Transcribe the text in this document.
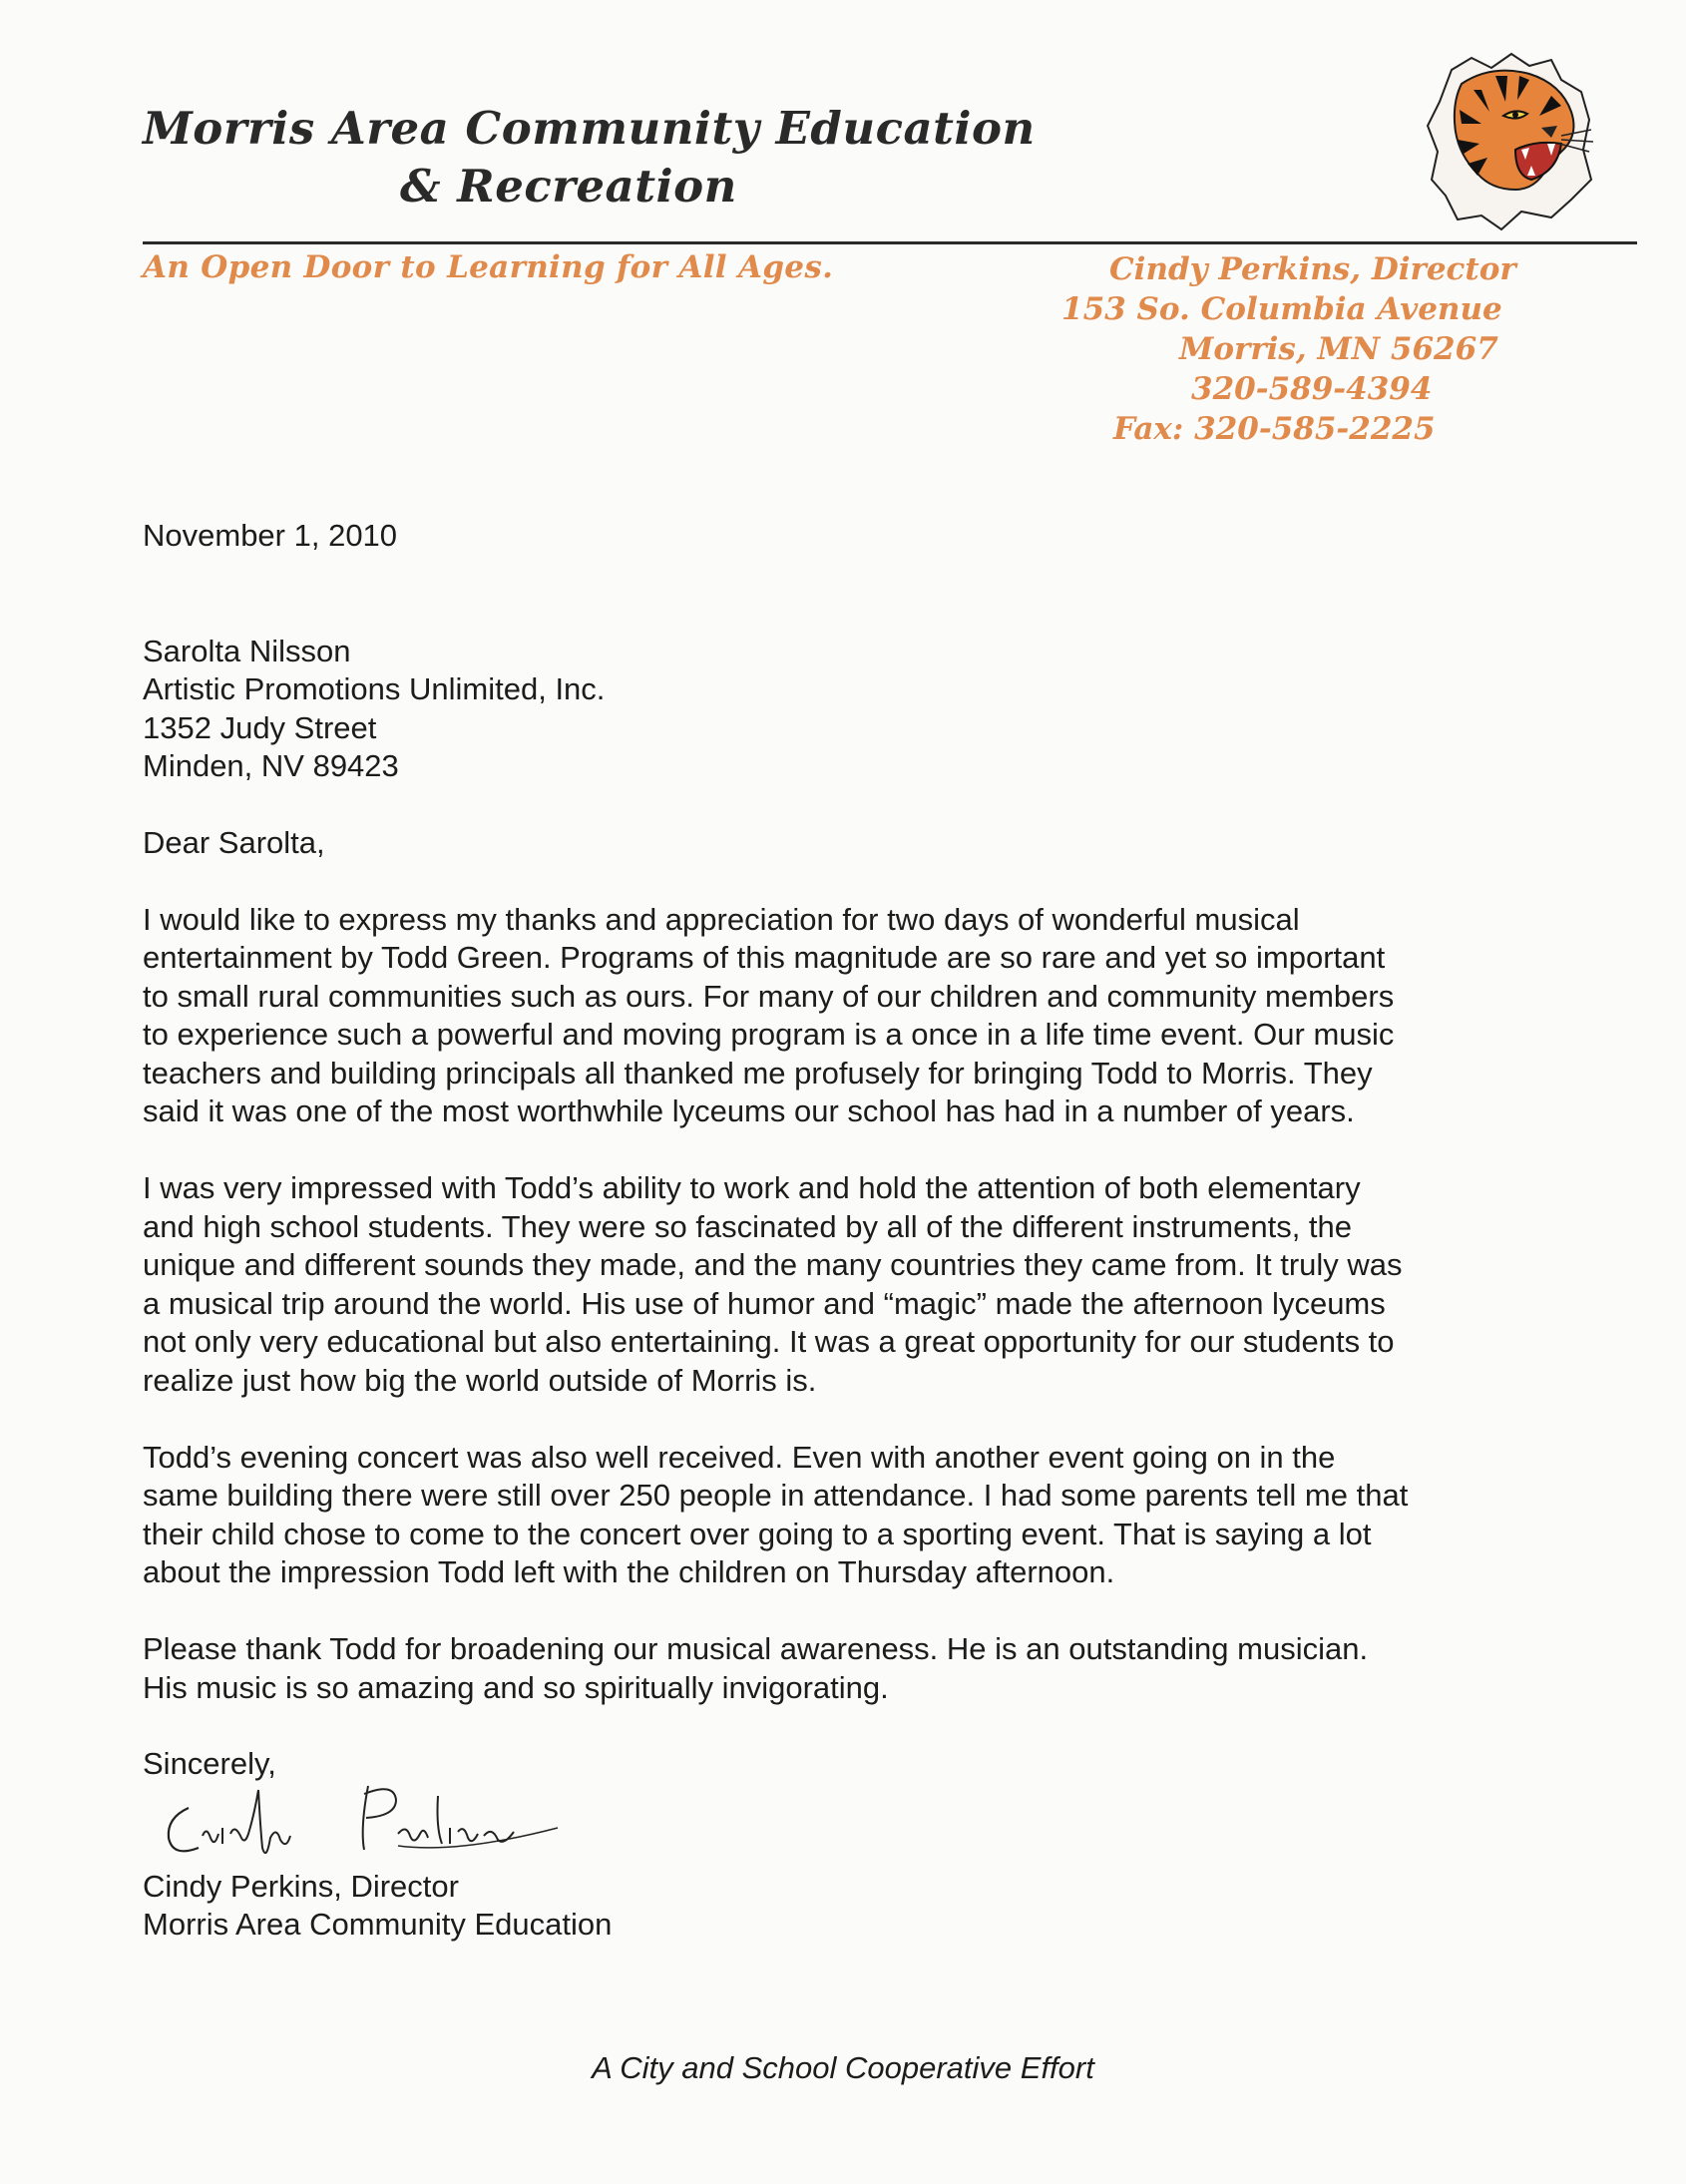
Morris Area Community Education
& Recreation
An Open Door to Learning for All Ages.	Cindy Perkins, Director
153 So. Columbia Avenue
Morris, MN 56267
320-589-4394
Fax: 320-585-2225
November 1, 2010
Sarolta Nilsson
Artistic Promotions Unlimited, Inc.
1352 Judy Street
Minden, NV 89423
Dear Sarolta,
I would like to express my thanks and appreciation for two days of wonderful musical
entertainment by Todd Green. Programs of this magnitude are so rare and yet so important
to small rural communities such as ours. For many of our children and community members
to experience such a powerful and moving program is a once in a life time event. Our music
teachers and building principals all thanked me profusely for bringing Todd to Morris. They
said it was one of the most worthwhile lyceums our school has had in a number of years.
I was very impressed with Todd’s ability to work and hold the attention of both elementary
and high school students. They were so fascinated by all of the different instruments, the
unique and different sounds they made, and the many countries they came from. It truly was
a musical trip around the world. His use of humor and “magic” made the afternoon lyceums
not only very educational but also entertaining. It was a great opportunity for our students to
realize just how big the world outside of Morris is.
Todd’s evening concert was also well received. Even with another event going on in the
same building there were still over 250 people in attendance. I had some parents tell me that
their child chose to come to the concert over going to a sporting event. That is saying a lot
about the impression Todd left with the children on Thursday afternoon.
Please thank Todd for broadening our musical awareness. He is an outstanding musician.
His music is so amazing and so spiritually invigorating.
Sincerely,
Cindy Perkins, Director
Morris Area Community Education
A City and School Cooperative Effort
